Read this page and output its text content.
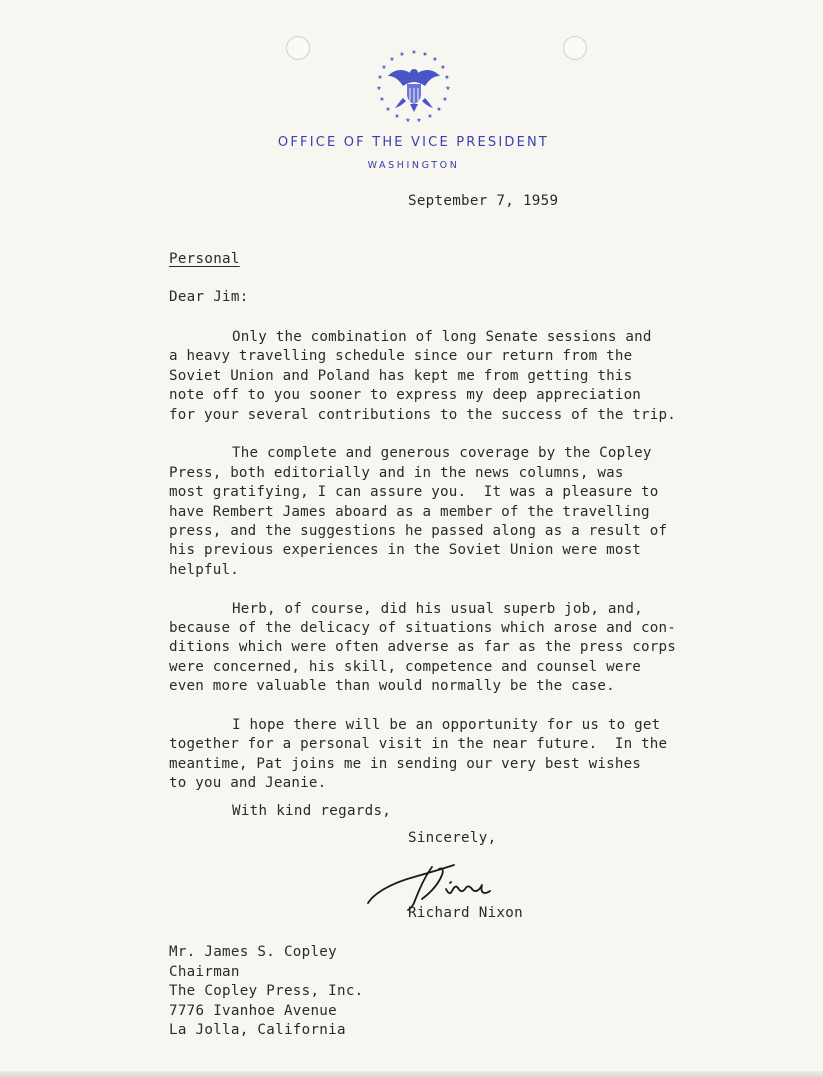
★ ★
★
★
★
★
★
★
★
★
★
★
★
★
★
★
★
★
★
OFFICE OF THE VICE PRESIDENT
WASHINGTON
September 7, 1959
Personal
Dear Jim:
Only the combination of long Senate sessions and
a heavy travelling schedule since our return from the
Soviet Union and Poland has kept me from getting this
note off to you sooner to express my deep appreciation
for your several contributions to the success of the trip.
The complete and generous coverage by the Copley
Press, both editorially and in the news columns, was
most gratifying, I can assure you.  It was a pleasure to
have Rembert James aboard as a member of the travelling
press, and the suggestions he passed along as a result of
his previous experiences in the Soviet Union were most
helpful.
Herb, of course, did his usual superb job, and,
because of the delicacy of situations which arose and con-
ditions which were often adverse as far as the press corps
were concerned, his skill, competence and counsel were
even more valuable than would normally be the case.
I hope there will be an opportunity for us to get
together for a personal visit in the near future.  In the
meantime, Pat joins me in sending our very best wishes
to you and Jeanie.
With kind regards,
Sincerely,
Richard Nixon
Mr. James S. Copley
Chairman
The Copley Press, Inc.
7776 Ivanhoe Avenue
La Jolla, California
